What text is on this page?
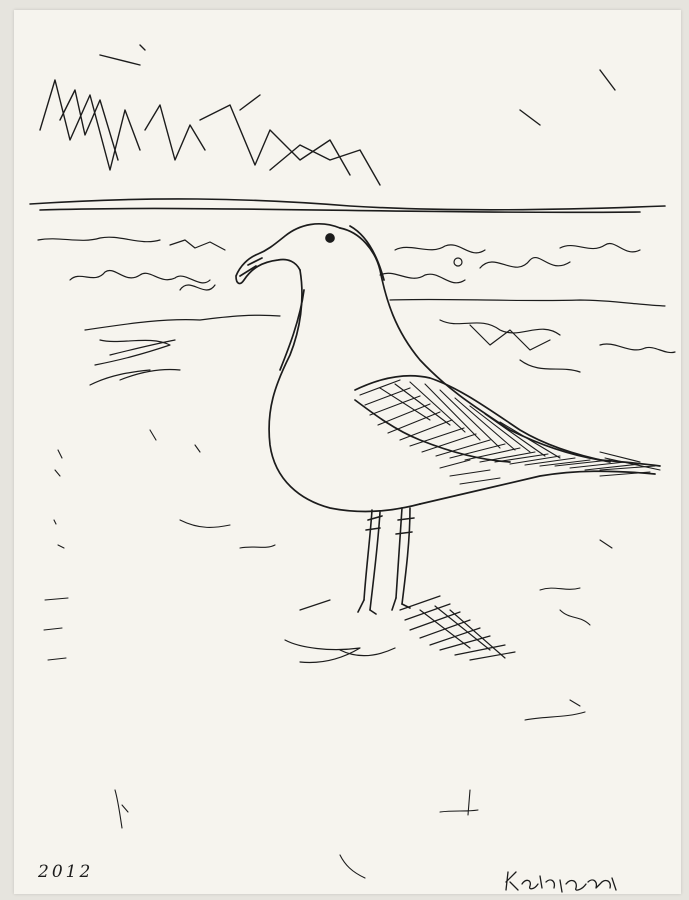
2012
